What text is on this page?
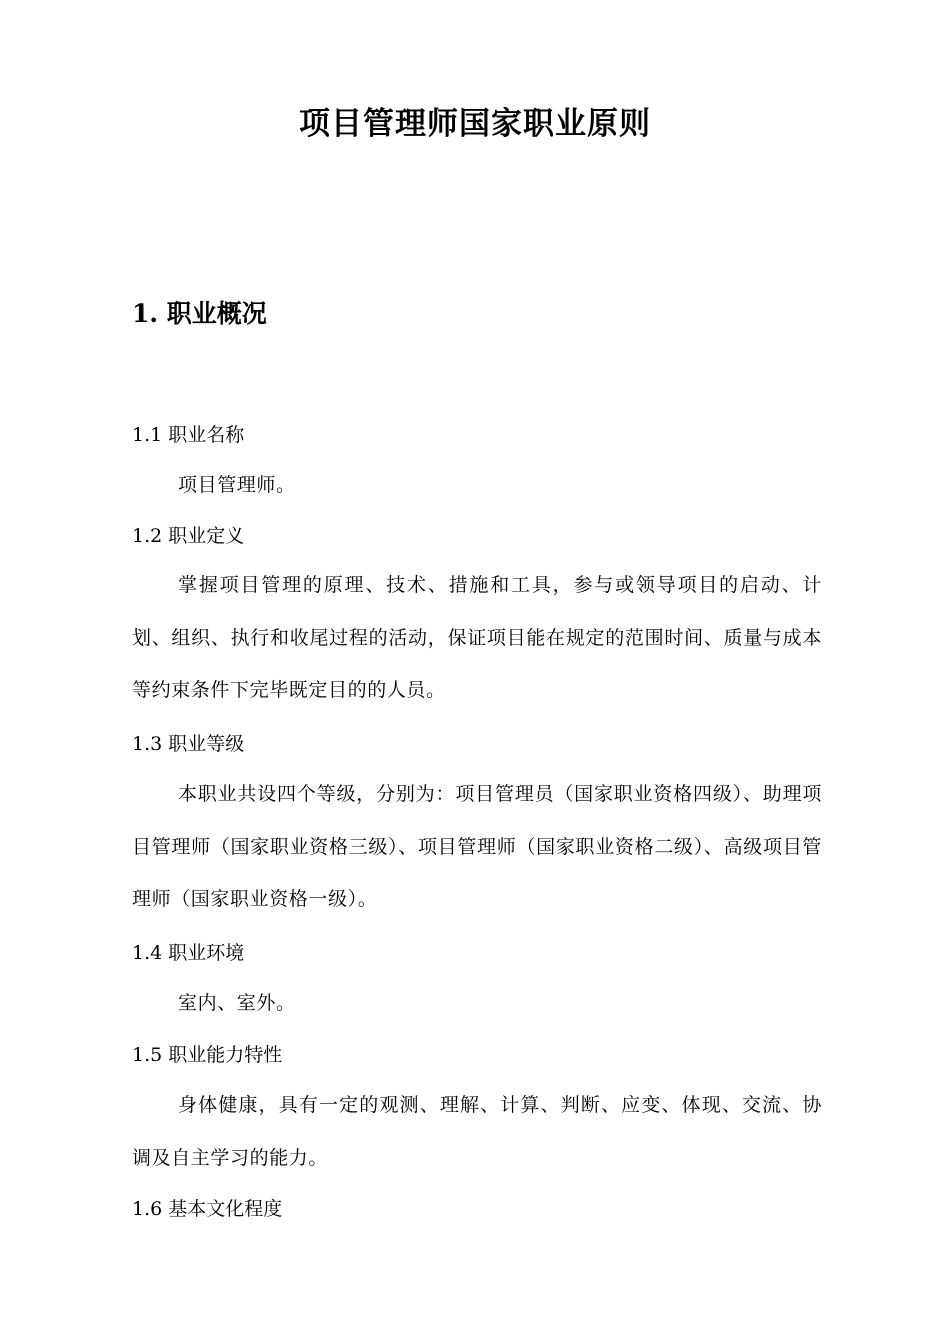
项目管理师国家职业原则
1. 职业概况
1.1 职业名称

项目管理师。

1.2 职业定义

掌握项目管理的原理、技术、措施和工具，参与或领导项目的启动、计划、组织、执行和收尾过程的活动，保证项目能在规定的范围时间、质量与成本等约束条件下完毕既定目的的人员。

1.3 职业等级

本职业共设四个等级，分别为：项目管理员（国家职业资格四级）、助理项目管理师（国家职业资格三级）、项目管理师（国家职业资格二级）、高级项目管理师（国家职业资格一级）。

1.4 职业环境

室内、室外。

1.5 职业能力特性

身体健康，具有一定的观测、理解、计算、判断、应变、体现、交流、协调及自主学习的能力。

1.6 基本文化程度
